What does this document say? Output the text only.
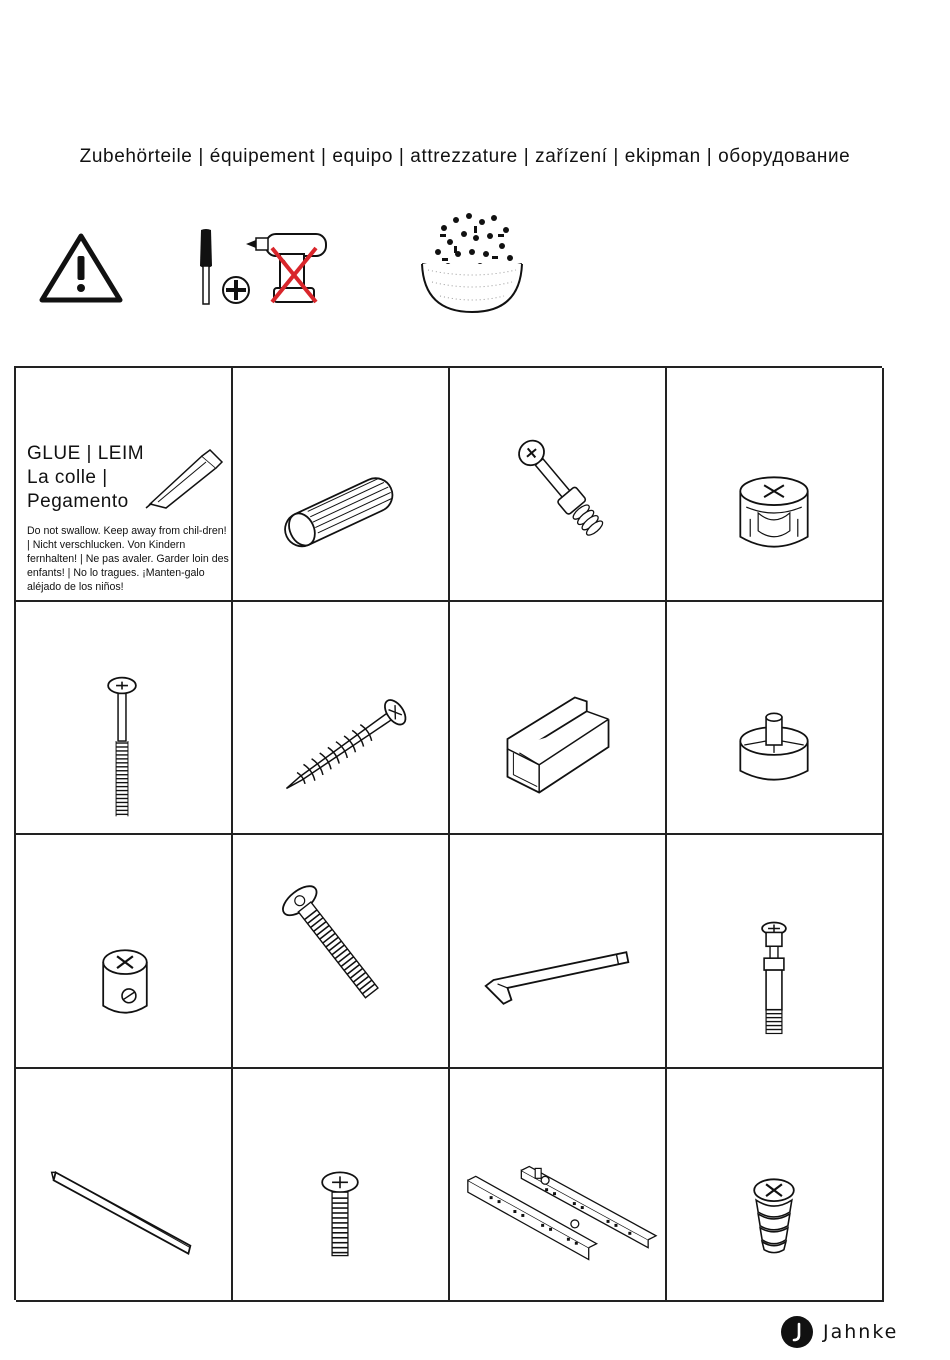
Zubehörteile | équipement | equipo | attrezzature | zařízení | ekipman | оборудование
GLUE | LEIM
La colle |
Pegamento
Do not swallow. Keep away from chil-dren! | Nicht verschlucken. Von Kindern fernhalten! | Ne pas avaler. Garder loin des enfants! | No lo tragues. ¡Manten-galo aléjado de los niños!
Jahnke
